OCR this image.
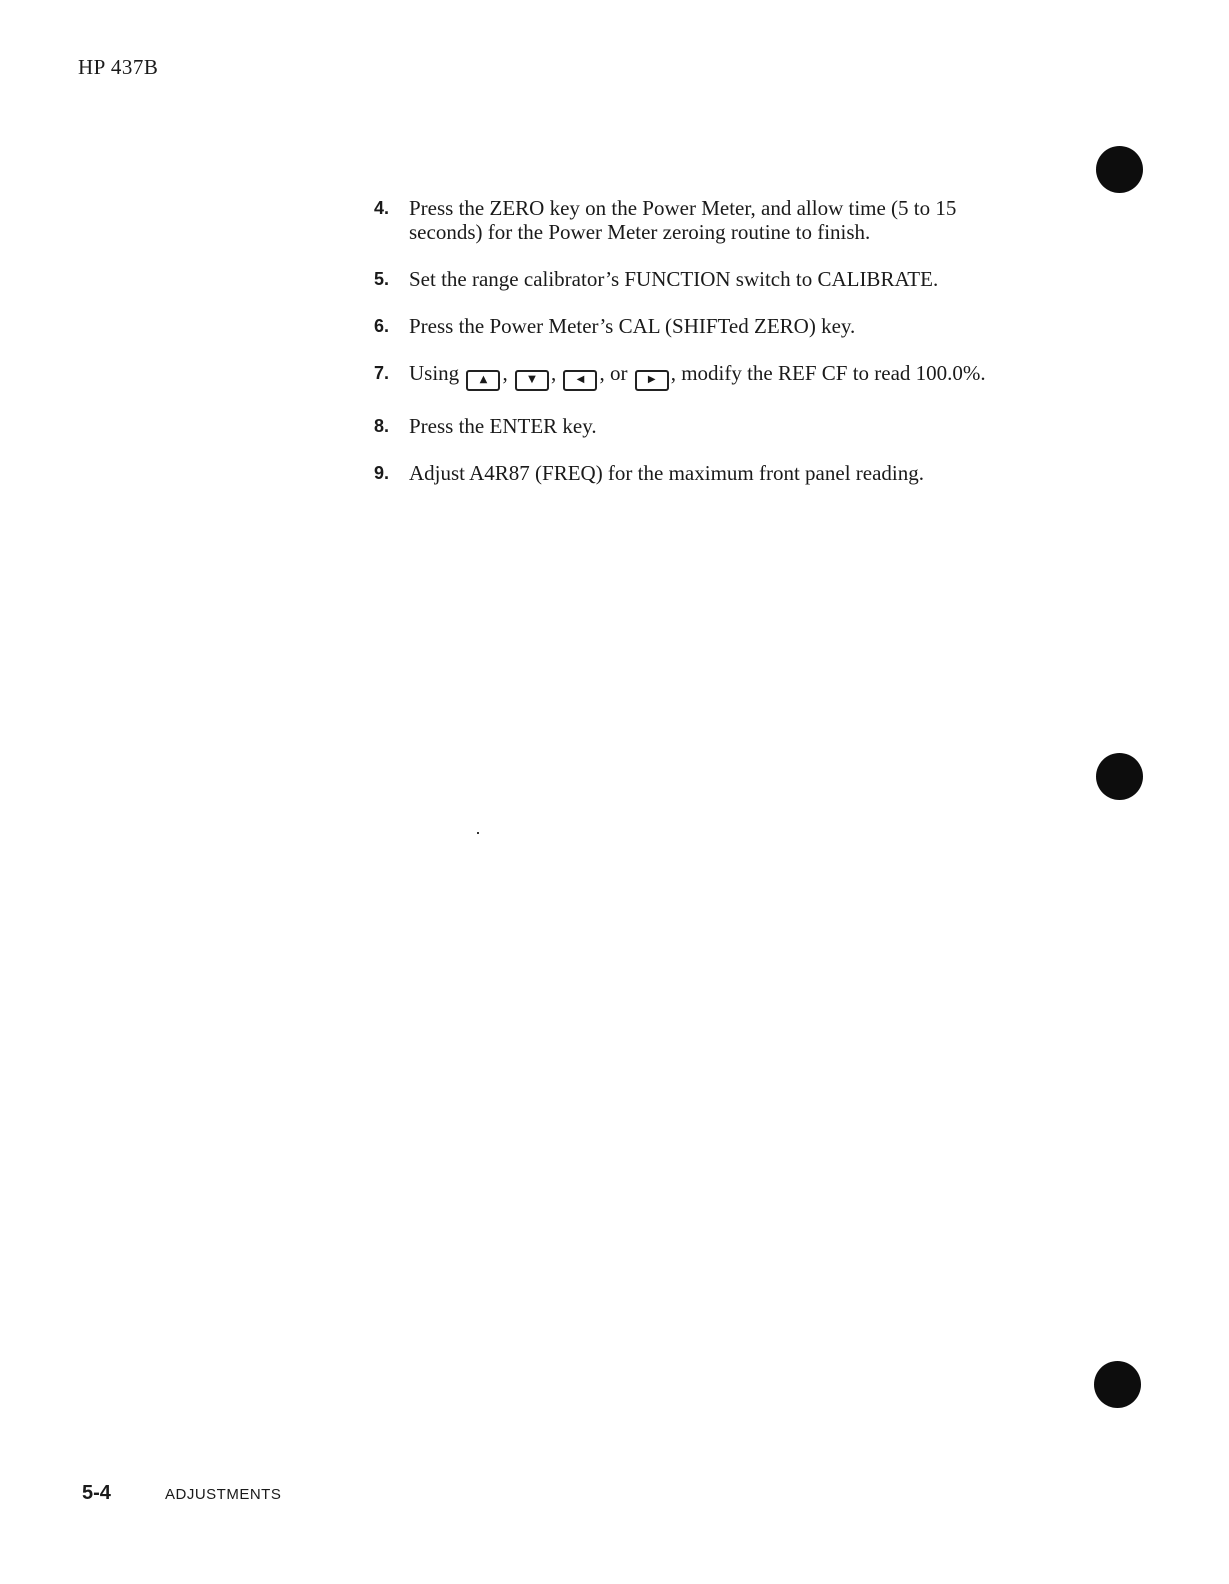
HP 437B
4. Press the ZERO key on the Power Meter, and allow time (5 to 15 seconds) for the Power Meter zeroing routine to finish.
5. Set the range calibrator’s FUNCTION switch to CALIBRATE.
6. Press the Power Meter’s CAL (SHIFTed ZERO) key.
7. Using ▲ , ▼ , ◀ , or ▶ , modify the REF CF to read 100.0%.
8. Press the ENTER key.
9. Adjust A4R87 (FREQ) for the maximum front panel reading.
5-4	ADJUSTMENTS
